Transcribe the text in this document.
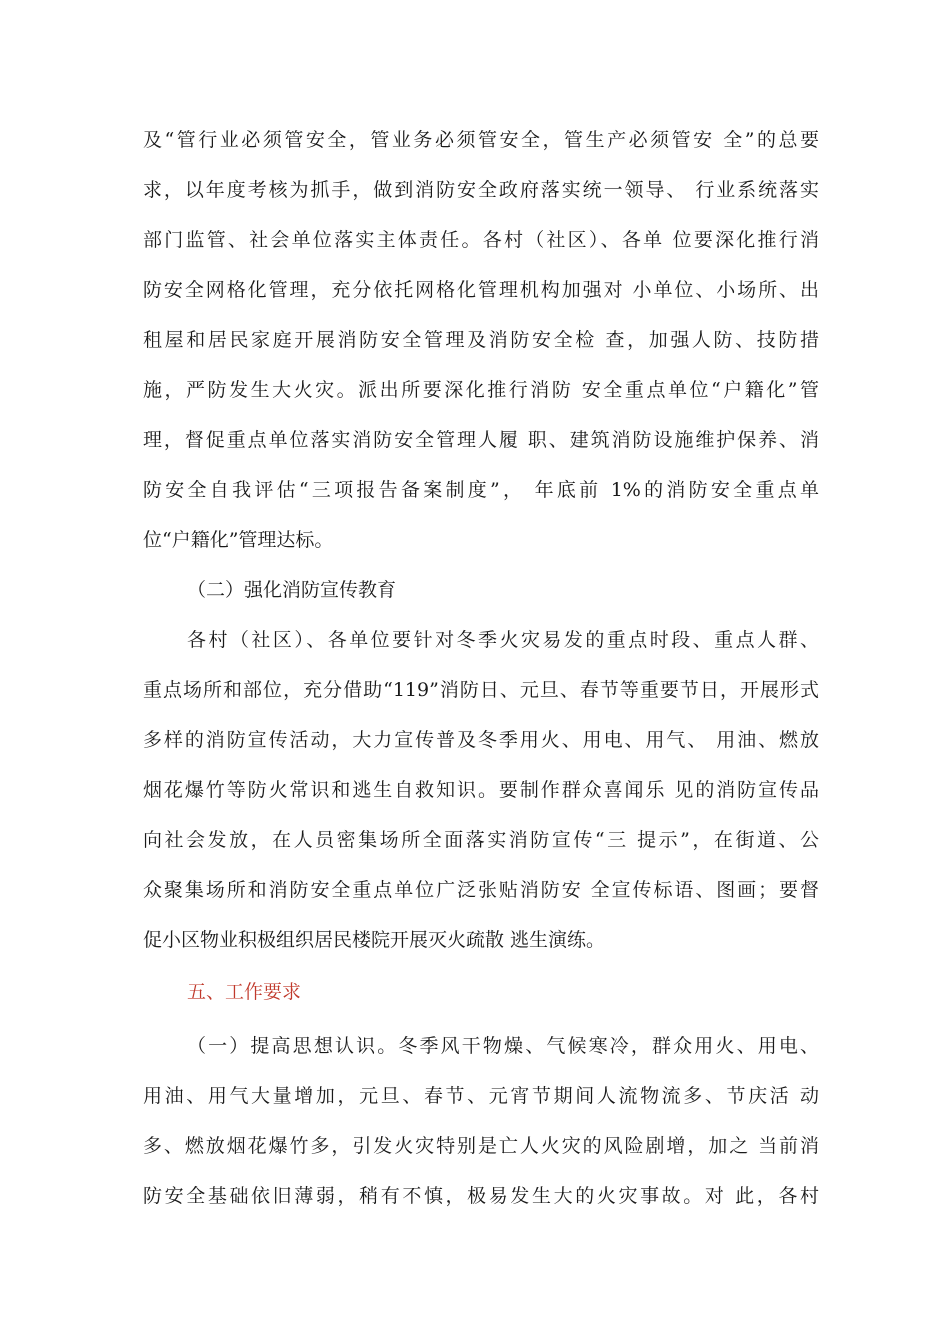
及“管行业必须管安全，管业务必须管安全，管生产必须管安 全”的总要
求，以年度考核为抓手，做到消防安全政府落实统一领导、 行业系统落实
部门监管、社会单位落实主体责任。各村（社区）、各单 位要深化推行消
防安全网格化管理，充分依托网格化管理机构加强对 小单位、小场所、出
租屋和居民家庭开展消防安全管理及消防安全检 查，加强人防、技防措
施，严防发生大火灾。派出所要深化推行消防 安全重点单位“户籍化”管
理，督促重点单位落实消防安全管理人履 职、建筑消防设施维护保养、消
防安全自我评估“三项报告备案制度”， 年底前 1%的消防安全重点单
位“户籍化”管理达标。
（二）强化消防宣传教育
各村（社区）、各单位要针对冬季火灾易发的重点时段、重点人群、
重点场所和部位，充分借助“119”消防日、元旦、春节等重要节日，开展形式
多样的消防宣传活动，大力宣传普及冬季用火、用电、用气、 用油、燃放
烟花爆竹等防火常识和逃生自救知识。要制作群众喜闻乐 见的消防宣传品
向社会发放，在人员密集场所全面落实消防宣传“三 提示”，在街道、公
众聚集场所和消防安全重点单位广泛张贴消防安 全宣传标语、图画；要督
促小区物业积极组织居民楼院开展灭火疏散 逃生演练。
五、工作要求
（一）提高思想认识。冬季风干物燥、气候寒冷，群众用火、用电、
用油、用气大量增加，元旦、春节、元宵节期间人流物流多、节庆活 动
多、燃放烟花爆竹多，引发火灾特别是亡人火灾的风险剧增，加之 当前消
防安全基础依旧薄弱，稍有不慎，极易发生大的火灾事故。对 此，各村
